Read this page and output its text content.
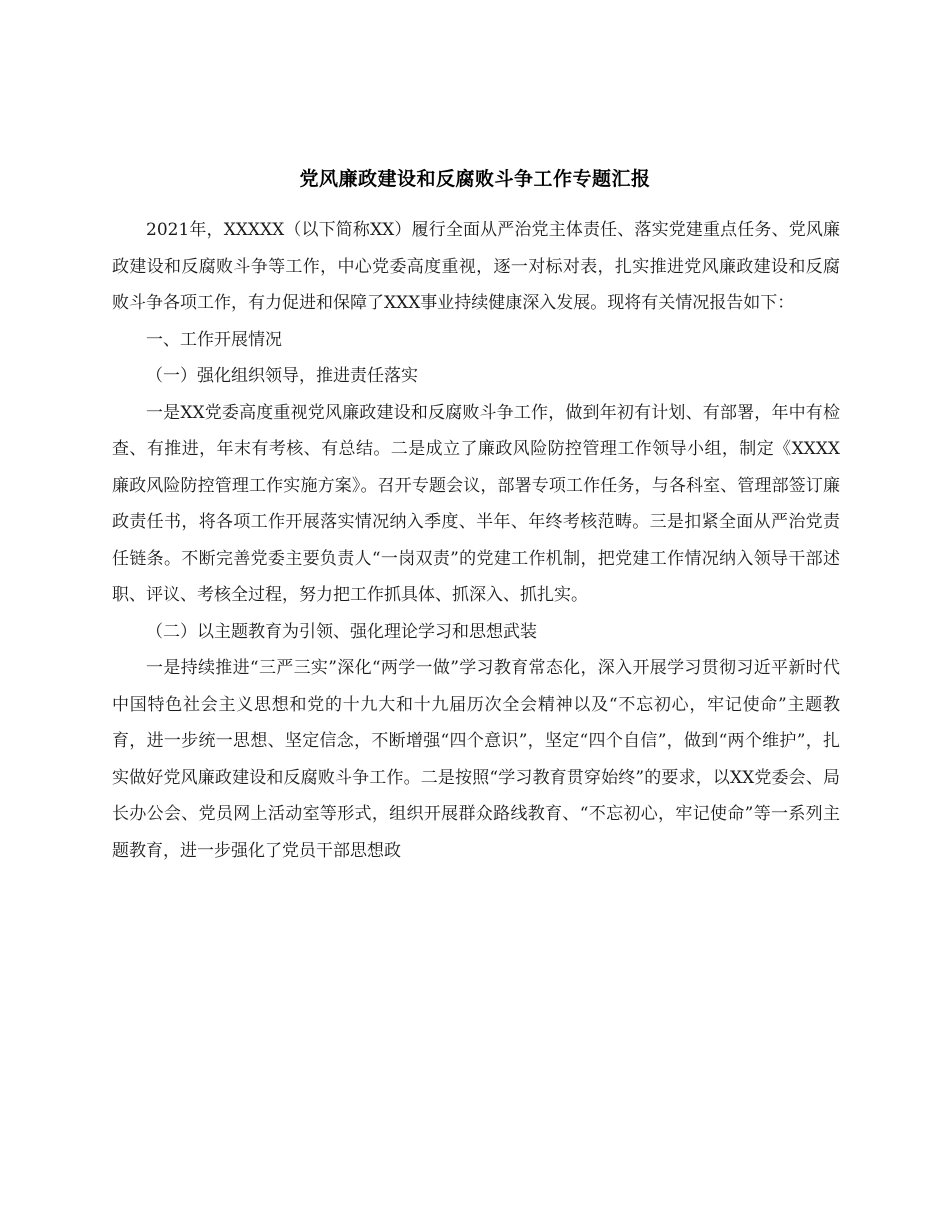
党风廉政建设和反腐败斗争工作专题汇报

2021年，XXXXX（以下简称XX）履行全面从严治党主体责任、落实党建重点任务、党风廉政建设和反腐败斗争等工作，中心党委高度重视，逐一对标对表，扎实推进党风廉政建设和反腐败斗争各项工作，有力促进和保障了XXX事业持续健康深入发展。现将有关情况报告如下：

一、工作开展情况

（一）强化组织领导，推进责任落实

一是XX党委高度重视党风廉政建设和反腐败斗争工作，做到年初有计划、有部署，年中有检查、有推进，年末有考核、有总结。二是成立了廉政风险防控管理工作领导小组，制定《XXXX廉政风险防控管理工作实施方案》。召开专题会议，部署专项工作任务，与各科室、管理部签订廉政责任书，将各项工作开展落实情况纳入季度、半年、年终考核范畴。三是扣紧全面从严治党责任链条。不断完善党委主要负责人“一岗双责”的党建工作机制，把党建工作情况纳入领导干部述职、评议、考核全过程，努力把工作抓具体、抓深入、抓扎实。

（二）以主题教育为引领、强化理论学习和思想武装

一是持续推进“三严三实”深化“两学一做”学习教育常态化，深入开展学习贯彻习近平新时代中国特色社会主义思想和党的十九大和十九届历次全会精神以及“不忘初心，牢记使命”主题教育，进一步统一思想、坚定信念，不断增强“四个意识”，坚定“四个自信”，做到“两个维护”，扎实做好党风廉政建设和反腐败斗争工作。二是按照“学习教育贯穿始终”的要求，以XX党委会、局长办公会、党员网上活动室等形式，组织开展群众路线教育、“不忘初心，牢记使命”等一系列主题教育，进一步强化了党员干部思想政
